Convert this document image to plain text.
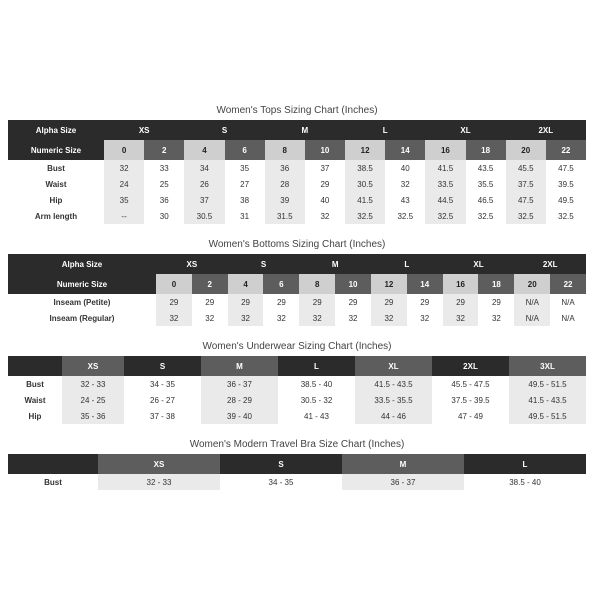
Women's Tops Sizing Chart (Inches)
Alpha Size	XS	S	M	L	XL	2XL
Numeric Size	0	2	4	6	8	10	12	14	16	18	20	22
Bust	32	33	34	35	36	37	38.5	40	41.5	43.5	45.5	47.5
Waist	24	25	26	27	28	29	30.5	32	33.5	35.5	37.5	39.5
Hip	35	36	37	38	39	40	41.5	43	44.5	46.5	47.5	49.5
Arm length	--	30	30.5	31	31.5	32	32.5	32.5	32.5	32.5	32.5	32.5
Women's Bottoms Sizing Chart (Inches)
Alpha Size	XS	S	M	L	XL	2XL
Numeric Size	0	2	4	6	8	10	12	14	16	18	20	22
Inseam (Petite)	29	29	29	29	29	29	29	29	29	29	N/A	N/A
Inseam (Regular)	32	32	32	32	32	32	32	32	32	32	N/A	N/A
Women's Underwear Sizing Chart (Inches)
XS	S	M	L	XL	2XL	3XL
Bust	32 - 33	34 - 35	36 - 37	38.5 - 40	41.5 - 43.5	45.5 - 47.5	49.5 - 51.5
Waist	24 - 25	26 - 27	28 - 29	30.5 - 32	33.5 - 35.5	37.5 - 39.5	41.5 - 43.5
Hip	35 - 36	37 - 38	39 - 40	41 - 43	44 - 46	47 - 49	49.5 - 51.5
Women's Modern Travel Bra Size Chart (Inches)
XS	S	M	L
Bust	32 - 33	34 - 35	36 - 37	38.5 - 40
